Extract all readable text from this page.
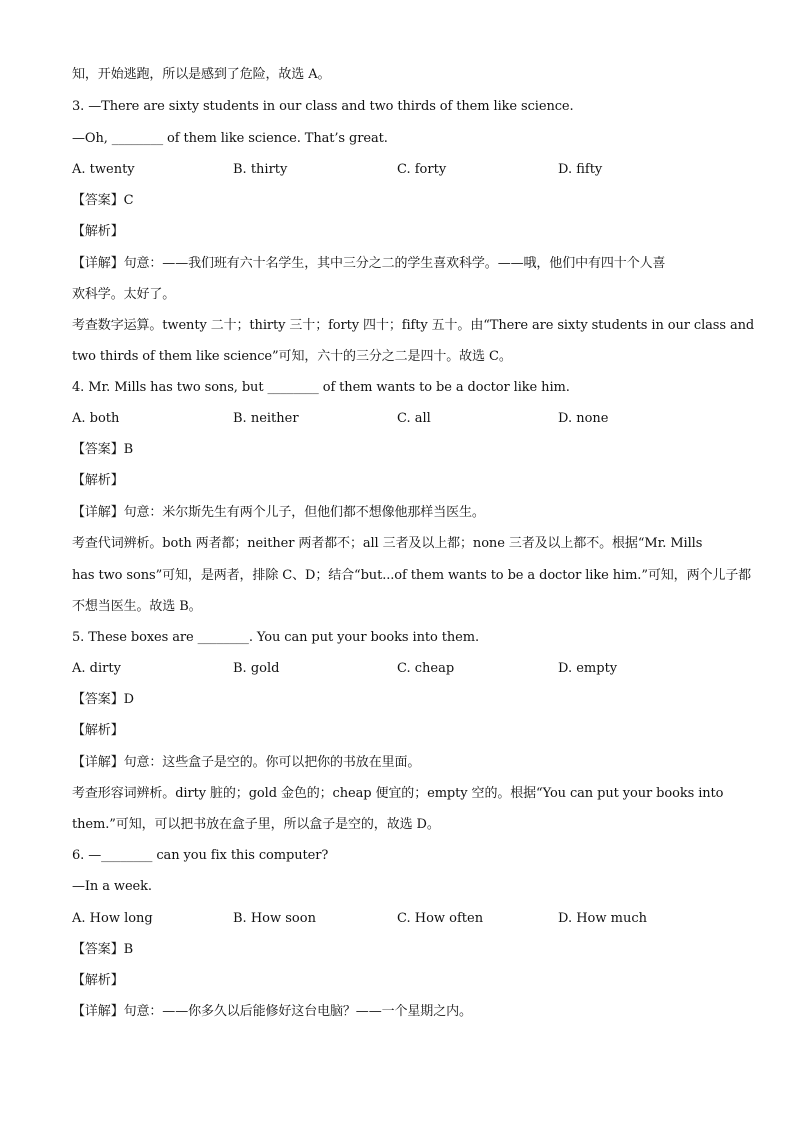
知，开始逃跑，所以是感到了危险，故选 A。
3. —There are sixty students in our class and two thirds of them like science.
—Oh, ________ of them like science. That’s great.
A. twenty	B. thirty	C. forty	D. fifty
【答案】C
【解析】
【详解】句意：——我们班有六十名学生，其中三分之二的学生喜欢科学。——哦，他们中有四十个人喜
欢科学。太好了。
考查数字运算。twenty 二十；thirty 三十；forty 四十；fifty 五十。由“There are sixty students in our class and
two thirds of them like science”可知，六十的三分之二是四十。故选 C。
4. Mr. Mills has two sons, but ________ of them wants to be a doctor like him.
A. both	B. neither	C. all	D. none
【答案】B
【解析】
【详解】句意：米尔斯先生有两个儿子，但他们都不想像他那样当医生。
考查代词辨析。both 两者都；neither 两者都不；all 三者及以上都；none 三者及以上都不。根据“Mr. Mills
has two sons”可知，是两者，排除 C、D；结合“but...of them wants to be a doctor like him.”可知，两个儿子都
不想当医生。故选 B。
5. These boxes are ________. You can put your books into them.
A. dirty	B. gold	C. cheap	D. empty
【答案】D
【解析】
【详解】句意：这些盒子是空的。你可以把你的书放在里面。
考查形容词辨析。dirty 脏的；gold 金色的；cheap 便宜的；empty 空的。根据“You can put your books into
them.”可知，可以把书放在盒子里，所以盒子是空的，故选 D。
6. —________ can you fix this computer?
—In a week.
A. How long	B. How soon	C. How often	D. How much
【答案】B
【解析】
【详解】句意：——你多久以后能修好这台电脑？——一个星期之内。
